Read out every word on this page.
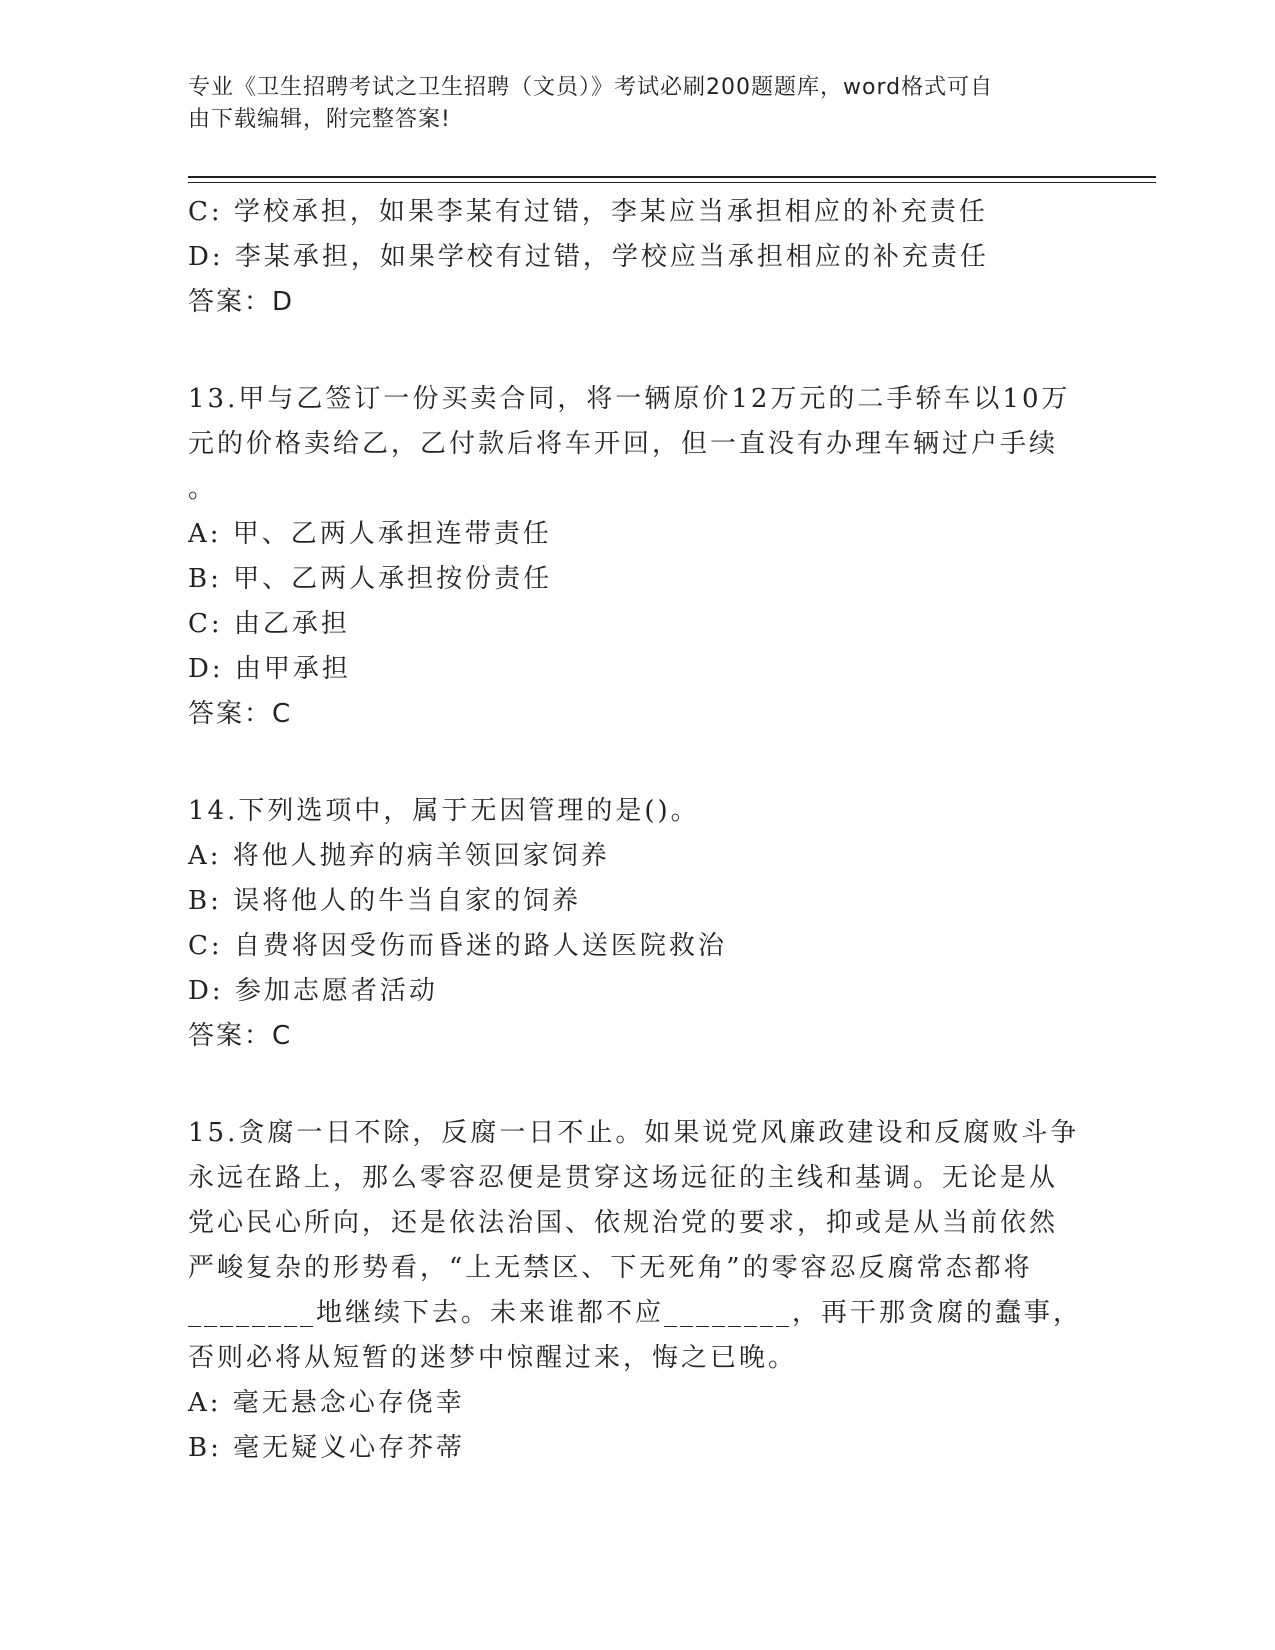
专业《卫生招聘考试之卫生招聘（文员）》考试必刷200题题库，word格式可自
由下载编辑，附完整答案!
C: 学校承担，如果李某有过错，李某应当承担相应的补充责任
D: 李某承担，如果学校有过错，学校应当承担相应的补充责任
答案：D
13.甲与乙签订一份买卖合同，将一辆原价12万元的二手轿车以10万
元的价格卖给乙，乙付款后将车开回，但一直没有办理车辆过户手续
。
A: 甲、乙两人承担连带责任
B: 甲、乙两人承担按份责任
C: 由乙承担
D: 由甲承担
答案：C
14.下列选项中，属于无因管理的是()。
A: 将他人抛弃的病羊领回家饲养
B: 误将他人的牛当自家的饲养
C: 自费将因受伤而昏迷的路人送医院救治
D: 参加志愿者活动
答案：C
15.贪腐一日不除，反腐一日不止。如果说党风廉政建设和反腐败斗争
永远在路上，那么零容忍便是贯穿这场远征的主线和基调。无论是从
党心民心所向，还是依法治国、依规治党的要求，抑或是从当前依然
严峻复杂的形势看，“上无禁区、下无死角”的零容忍反腐常态都将
________地继续下去。未来谁都不应________，再干那贪腐的蠢事，
否则必将从短暂的迷梦中惊醒过来，悔之已晚。
A: 毫无悬念心存侥幸
B: 毫无疑义心存芥蒂
